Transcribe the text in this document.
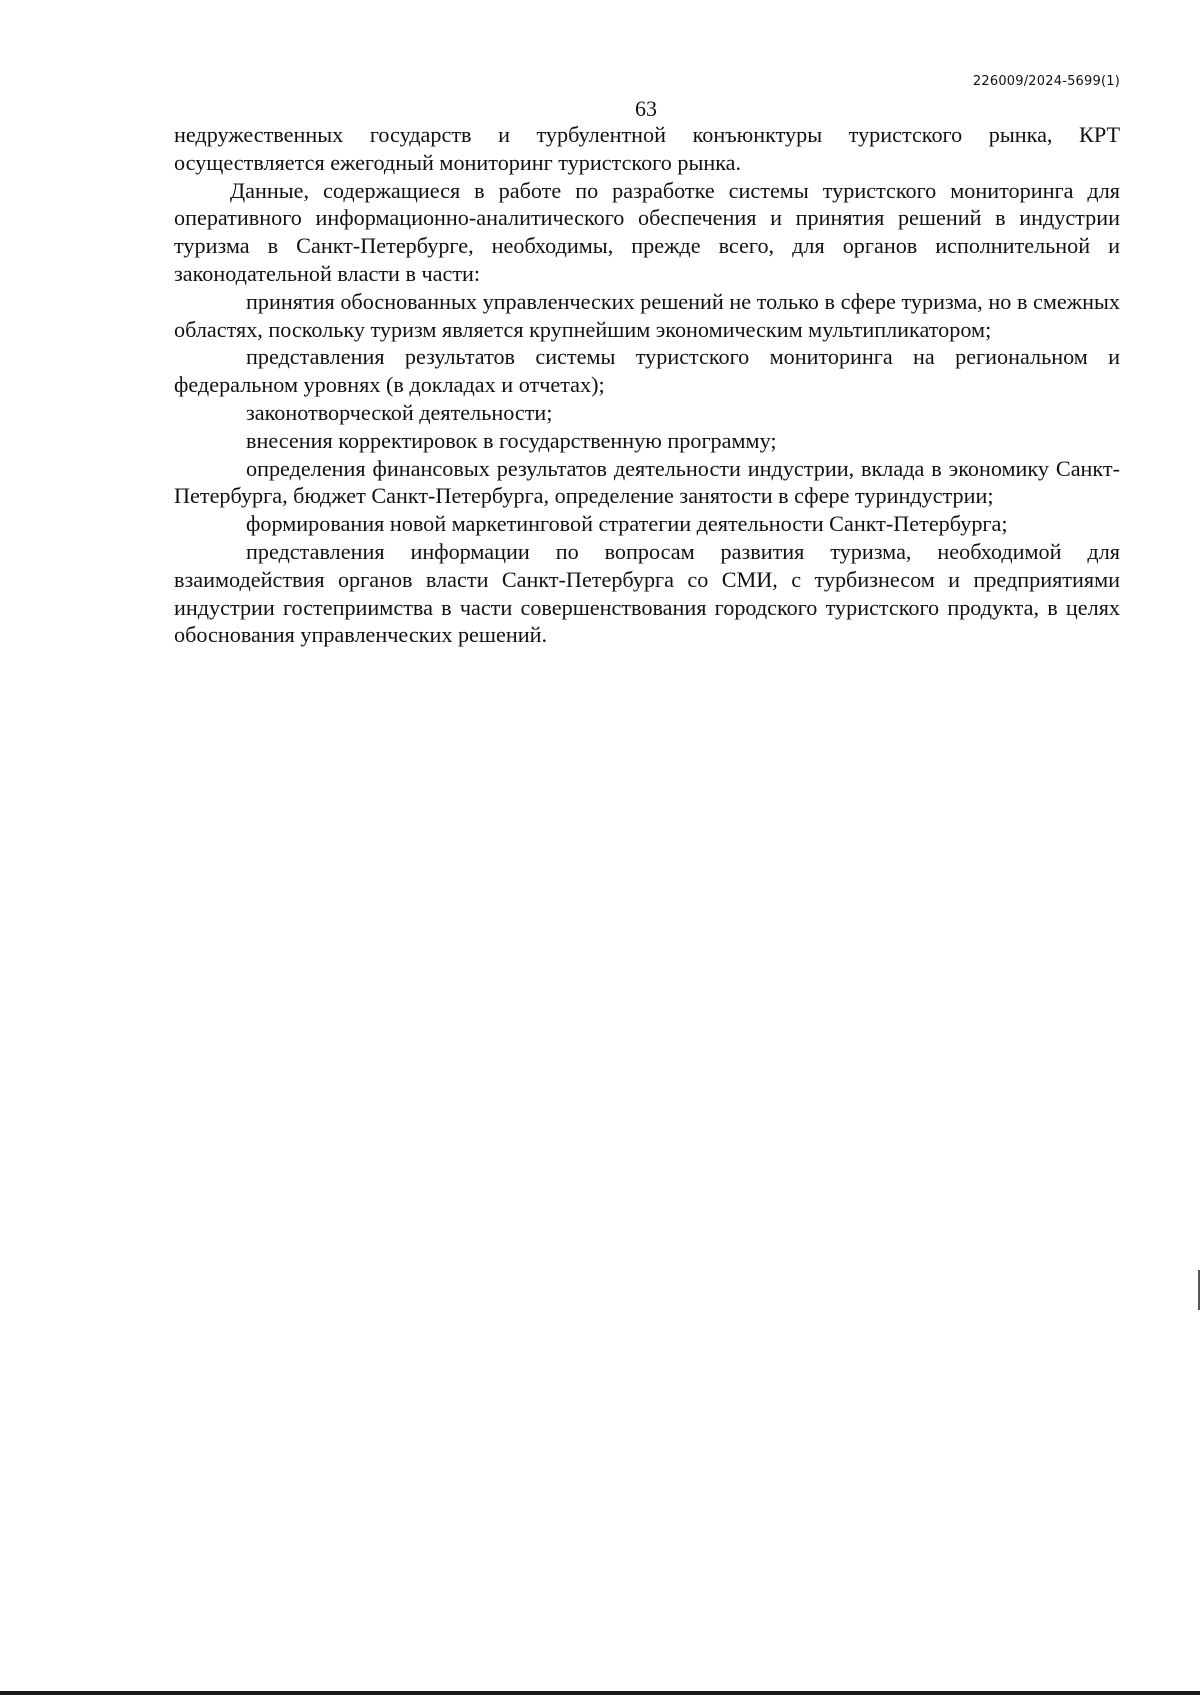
226009/2024-5699(1)
63

недружественных государств и турбулентной конъюнктуры туристского рынка, КРТ осуществляется ежегодный мониторинг туристского рынка.

Данные, содержащиеся в работе по разработке системы туристского мониторинга для оперативного информационно-аналитического обеспечения и принятия решений в индустрии туризма в Санкт-Петербурге, необходимы, прежде всего, для органов исполнительной и законодательной власти в части:

принятия обоснованных управленческих решений не только в сфере туризма, но в смежных областях, поскольку туризм является крупнейшим экономическим мультипликатором;

представления результатов системы туристского мониторинга на региональном и федеральном уровнях (в докладах и отчетах);

законотворческой деятельности;

внесения корректировок в государственную программу;

определения финансовых результатов деятельности индустрии, вклада в экономику Санкт-Петербурга, бюджет Санкт-Петербурга, определение занятости в сфере туриндустрии;

формирования новой маркетинговой стратегии деятельности Санкт-Петербурга;

представления информации по вопросам развития туризма, необходимой для взаимодействия органов власти Санкт-Петербурга со СМИ, с турбизнесом и предприятиями индустрии гостеприимства в части совершенствования городского туристского продукта, в целях обоснования управленческих решений.
